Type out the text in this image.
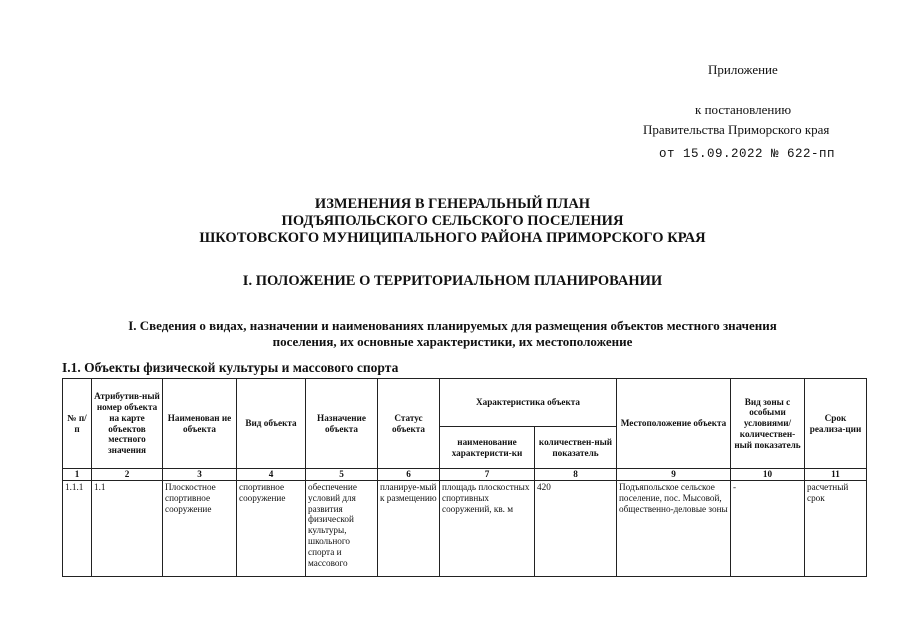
Приложение
к постановлению
Правительства Приморского края
от 15.09.2022 № 622-пп
ИЗМЕНЕНИЯ В ГЕНЕРАЛЬНЫЙ ПЛАН
ПОДЪЯПОЛЬСКОГО СЕЛЬСКОГО ПОСЕЛЕНИЯ
ШКОТОВСКОГО МУНИЦИПАЛЬНОГО РАЙОНА ПРИМОРСКОГО КРАЯ
I. ПОЛОЖЕНИЕ О ТЕРРИТОРИАЛЬНОМ ПЛАНИРОВАНИИ
I. Сведения о видах, назначении и наименованиях планируемых для размещения объектов местного значения
поселения, их основные характеристики, их местоположение
I.1. Объекты физической культуры и массового спорта
№ п/п	Атрибутив-ный номер объекта на карте объектов местного значения	Наименован ие объекта	Вид объекта	Назначение объекта	Статус объекта	Характеристика объекта		Местоположение объекта	Вид зоны с особыми условиями/ количествен-ный показатель	Срок реализа-ции
						наименование характеристи-ки	количествен-ный показатель			
1	2	3	4	5	6	7	8	9	10	11
1.1.1	1.1	Плоскостное спортивное сооружение	спортивное сооружение	обеспечение условий для развития физической культуры, школьного спорта и массового	планируе-мый к размещению	площадь плоскостных спортивных сооружений, кв. м	420	Подъяпольское сельское поселение, пос. Мысовой, общественно-деловые зоны	-	расчетный срок
